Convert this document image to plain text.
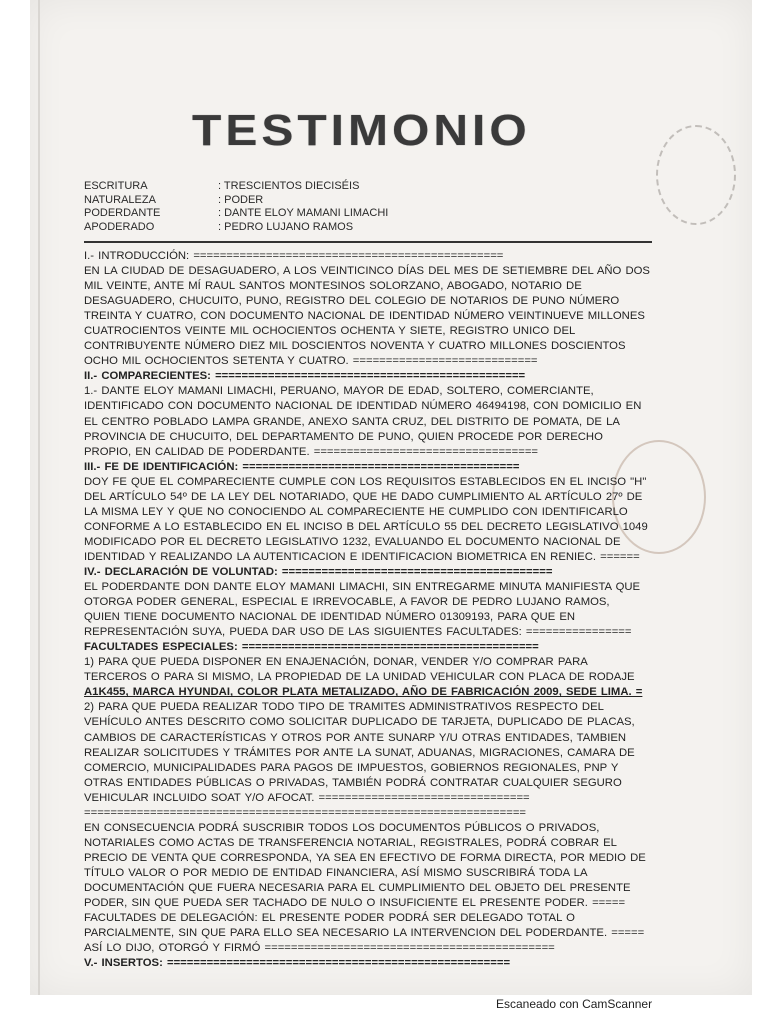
TESTIMONIO
ESCRITURA	: TRESCIENTOS DIECISÉIS
NATURALEZA	: PODER
PODERDANTE	: DANTE ELOY MAMANI LIMACHI
APODERADO	: PEDRO LUJANO RAMOS
I.- INTRODUCCIÓN: ===============================================
EN LA CIUDAD DE DESAGUADERO, A LOS VEINTICINCO DÍAS DEL MES DE SETIEMBRE DEL AÑO DOS
MIL VEINTE, ANTE MÍ RAUL SANTOS MONTESINOS SOLORZANO, ABOGADO, NOTARIO DE
DESAGUADERO, CHUCUITO, PUNO, REGISTRO DEL COLEGIO DE NOTARIOS DE PUNO NÚMERO
TREINTA Y CUATRO, CON DOCUMENTO NACIONAL DE IDENTIDAD NÚMERO VEINTINUEVE MILLONES
CUATROCIENTOS VEINTE MIL OCHOCIENTOS OCHENTA Y SIETE, REGISTRO UNICO DEL
CONTRIBUYENTE NÚMERO DIEZ MIL DOSCIENTOS NOVENTA Y CUATRO MILLONES DOSCIENTOS
OCHO MIL OCHOCIENTOS SETENTA Y CUATRO. ============================
II.- COMPARECIENTES: ===============================================
1.- DANTE ELOY MAMANI LIMACHI, PERUANO, MAYOR DE EDAD, SOLTERO, COMERCIANTE,
IDENTIFICADO CON DOCUMENTO NACIONAL DE IDENTIDAD NÚMERO 46494198, CON DOMICILIO EN
EL CENTRO POBLADO LAMPA GRANDE, ANEXO SANTA CRUZ, DEL DISTRITO DE POMATA, DE LA
PROVINCIA DE CHUCUITO, DEL DEPARTAMENTO DE PUNO, QUIEN PROCEDE POR DERECHO
PROPIO, EN CALIDAD DE PODERDANTE. ==================================
III.- FE DE IDENTIFICACIÓN: ==========================================
DOY FE QUE EL COMPARECIENTE CUMPLE CON LOS REQUISITOS ESTABLECIDOS EN EL INCISO "H"
DEL ARTÍCULO 54º DE LA LEY DEL NOTARIADO, QUE HE DADO CUMPLIMIENTO AL ARTÍCULO 27º DE
LA MISMA LEY Y QUE NO CONOCIENDO AL COMPARECIENTE HE CUMPLIDO CON IDENTIFICARLO
CONFORME A LO ESTABLECIDO EN EL INCISO B DEL ARTÍCULO 55 DEL DECRETO LEGISLATIVO 1049
MODIFICADO POR EL DECRETO LEGISLATIVO 1232, EVALUANDO EL DOCUMENTO NACIONAL DE
IDENTIDAD Y REALIZANDO LA AUTENTICACION E IDENTIFICACION BIOMETRICA EN RENIEC. ======
IV.- DECLARACIÓN DE VOLUNTAD: =========================================
EL PODERDANTE DON DANTE ELOY MAMANI LIMACHI, SIN ENTREGARME MINUTA MANIFIESTA QUE
OTORGA PODER GENERAL, ESPECIAL E IRREVOCABLE, A FAVOR DE PEDRO LUJANO RAMOS,
QUIEN TIENE DOCUMENTO NACIONAL DE IDENTIDAD NÚMERO 01309193, PARA QUE EN
REPRESENTACIÓN SUYA, PUEDA DAR USO DE LAS SIGUIENTES FACULTADES: ================
FACULTADES ESPECIALES: =============================================
1) PARA QUE PUEDA DISPONER EN ENAJENACIÓN, DONAR, VENDER Y/O COMPRAR PARA
TERCEROS O PARA SI MISMO, LA PROPIEDAD DE LA UNIDAD VEHICULAR CON PLACA DE RODAJE
A1K455, MARCA HYUNDAI, COLOR PLATA METALIZADO, AÑO DE FABRICACIÓN 2009, SEDE LIMA. =
2) PARA QUE PUEDA REALIZAR TODO TIPO DE TRAMITES ADMINISTRATIVOS RESPECTO DEL
VEHÍCULO ANTES DESCRITO COMO SOLICITAR DUPLICADO DE TARJETA, DUPLICADO DE PLACAS,
CAMBIOS DE CARACTERÍSTICAS Y OTROS POR ANTE SUNARP Y/U OTRAS ENTIDADES, TAMBIEN
REALIZAR SOLICITUDES Y TRÁMITES POR ANTE LA SUNAT, ADUANAS, MIGRACIONES, CAMARA DE
COMERCIO, MUNICIPALIDADES PARA PAGOS DE IMPUESTOS, GOBIERNOS REGIONALES, PNP Y
OTRAS ENTIDADES PÚBLICAS O PRIVADAS, TAMBIÉN PODRÁ CONTRATAR CUALQUIER SEGURO
VEHICULAR INCLUIDO SOAT Y/O AFOCAT. ================================
===================================================================
EN CONSECUENCIA PODRÁ SUSCRIBIR TODOS LOS DOCUMENTOS PÚBLICOS O PRIVADOS,
NOTARIALES COMO ACTAS DE TRANSFERENCIA NOTARIAL, REGISTRALES, PODRÁ COBRAR EL
PRECIO DE VENTA QUE CORRESPONDA, YA SEA EN EFECTIVO DE FORMA DIRECTA, POR MEDIO DE
TÍTULO VALOR O POR MEDIO DE ENTIDAD FINANCIERA, ASÍ MISMO SUSCRIBIRÁ TODA LA
DOCUMENTACIÓN QUE FUERA NECESARIA PARA EL CUMPLIMIENTO DEL OBJETO DEL PRESENTE
PODER, SIN QUE PUEDA SER TACHADO DE NULO O INSUFICIENTE EL PRESENTE PODER. =====
FACULTADES DE DELEGACIÓN: EL PRESENTE PODER PODRÁ SER DELEGADO TOTAL O
PARCIALMENTE, SIN QUE PARA ELLO SEA NECESARIO LA INTERVENCION DEL PODERDANTE. =====
ASÍ LO DIJO, OTORGÓ Y FIRMÓ ============================================
V.- INSERTOS: ====================================================
Escaneado con CamScanner
